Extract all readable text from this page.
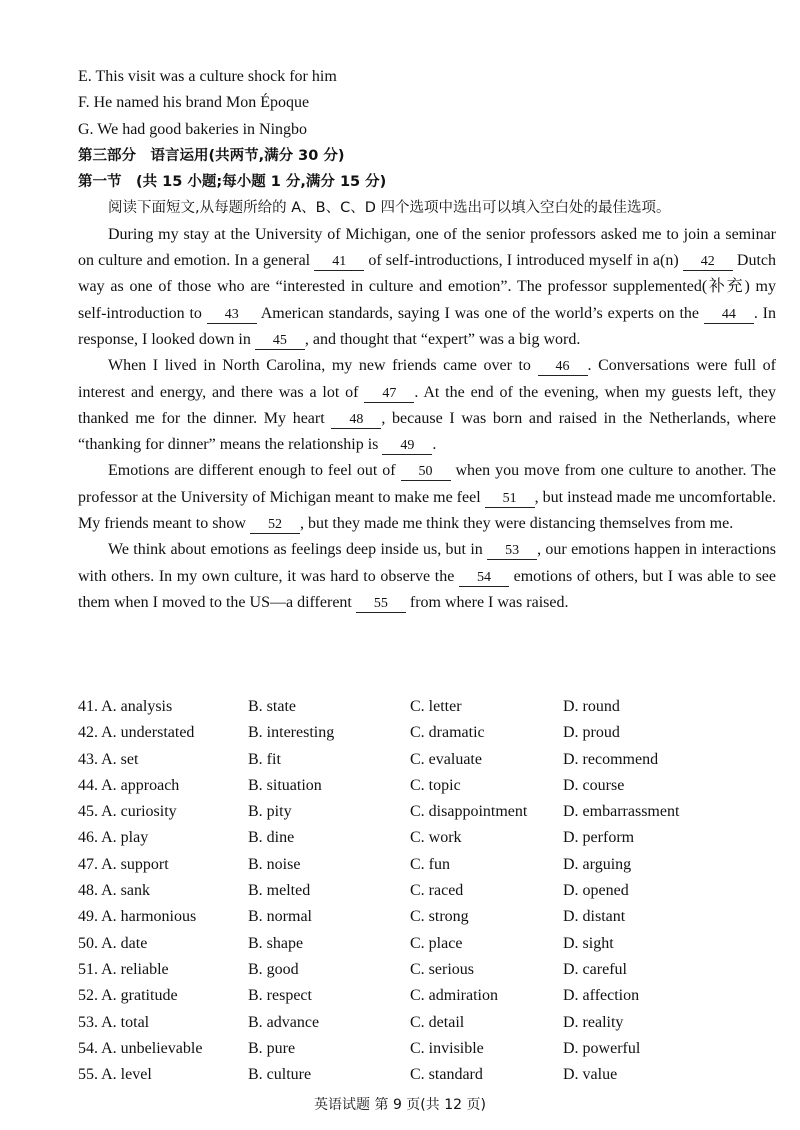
E. This visit was a culture shock for him
F. He named his brand Mon Époque
G. We had good bakeries in Ningbo
第三部分　语言运用(共两节,满分 30 分)
第一节　(共 15 小题;每小题 1 分,满分 15 分)
阅读下面短文,从每题所给的 A、B、C、D 四个选项中选出可以填入空白处的最佳选项。

During my stay at the University of Michigan, one of the senior professors asked me to join a seminar on culture and emotion. In a general 41 of self-introductions, I introduced myself in a(n) 42 Dutch way as one of those who are “interested in culture and emotion”. The professor supplemented(补充) my self-introduction to 43 American standards, saying I was one of the world’s experts on the 44 . In response, I looked down in 45 , and thought that “expert” was a big word.

When I lived in North Carolina, my new friends came over to 46 . Conversations were full of interest and energy, and there was a lot of 47 . At the end of the evening, when my guests left, they thanked me for the dinner. My heart 48 , because I was born and raised in the Netherlands, where “thanking for dinner” means the relationship is 49 .

Emotions are different enough to feel out of 50 when you move from one culture to another. The professor at the University of Michigan meant to make me feel 51 , but instead made me uncomfortable. My friends meant to show 52 , but they made me think they were distancing themselves from me.

We think about emotions as feelings deep inside us, but in 53 , our emotions happen in interactions with others. In my own culture, it was hard to observe the 54 emotions of others, but I was able to see them when I moved to the US—a different 55 from where I was raised.

41. A. analysis	B. state	C. letter	D. round
42. A. understated	B. interesting	C. dramatic	D. proud
43. A. set	B. fit	C. evaluate	D. recommend
44. A. approach	B. situation	C. topic	D. course
45. A. curiosity	B. pity	C. disappointment D. embarrassment
46. A. play	B. dine	C. work	D. perform
47. A. support	B. noise	C. fun	D. arguing
48. A. sank	B. melted	C. raced	D. opened
49. A. harmonious	B. normal	C. strong	D. distant
50. A. date	B. shape	C. place	D. sight
51. A. reliable	B. good	C. serious	D. careful
52. A. gratitude	B. respect	C. admiration	D. affection
53. A. total	B. advance	C. detail	D. reality
54. A. unbelievable	B. pure	C. invisible	D. powerful
55. A. level	B. culture	C. standard	D. value
英语试题 第 9 页(共 12 页)
